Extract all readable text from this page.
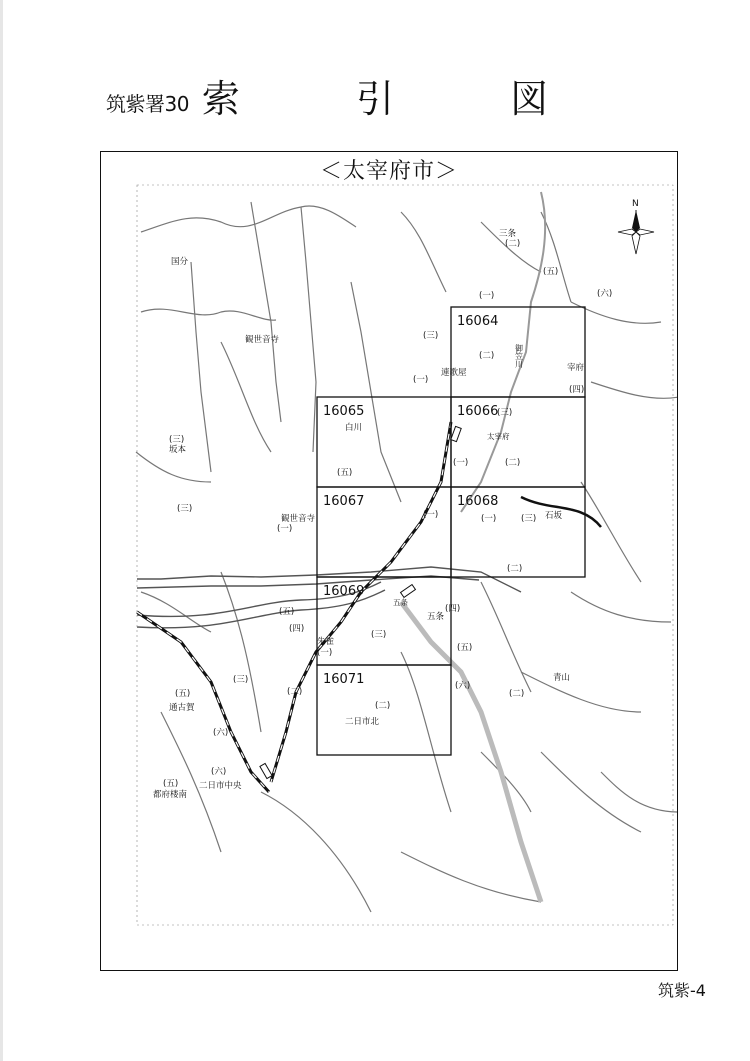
筑紫署30 索 引 図
＜太宰府市＞
16064
16065	16066
16067	16068
16069
16071
N
国分
三条
(二)
(五)
(六)
(一)
観世音寺	(三)
(二)	御笠川	宰府
(四)
(一)
連歌屋
白川
(三)
太宰府
(三)
坂本
(五)
(一)	(二)
(三)
観世音寺	(一)	(一)	(三) 石坂
(一)
(二)
五条
五条
(四)
(五)
(四)
朱雀
(一)
(三)
(五)
(六)
(二)
青山
(三)
(二)
(二)
二日市北
(五)
通古賀
(六)
(五)
(六)
都府楼南
二日市中央
筑紫-4
